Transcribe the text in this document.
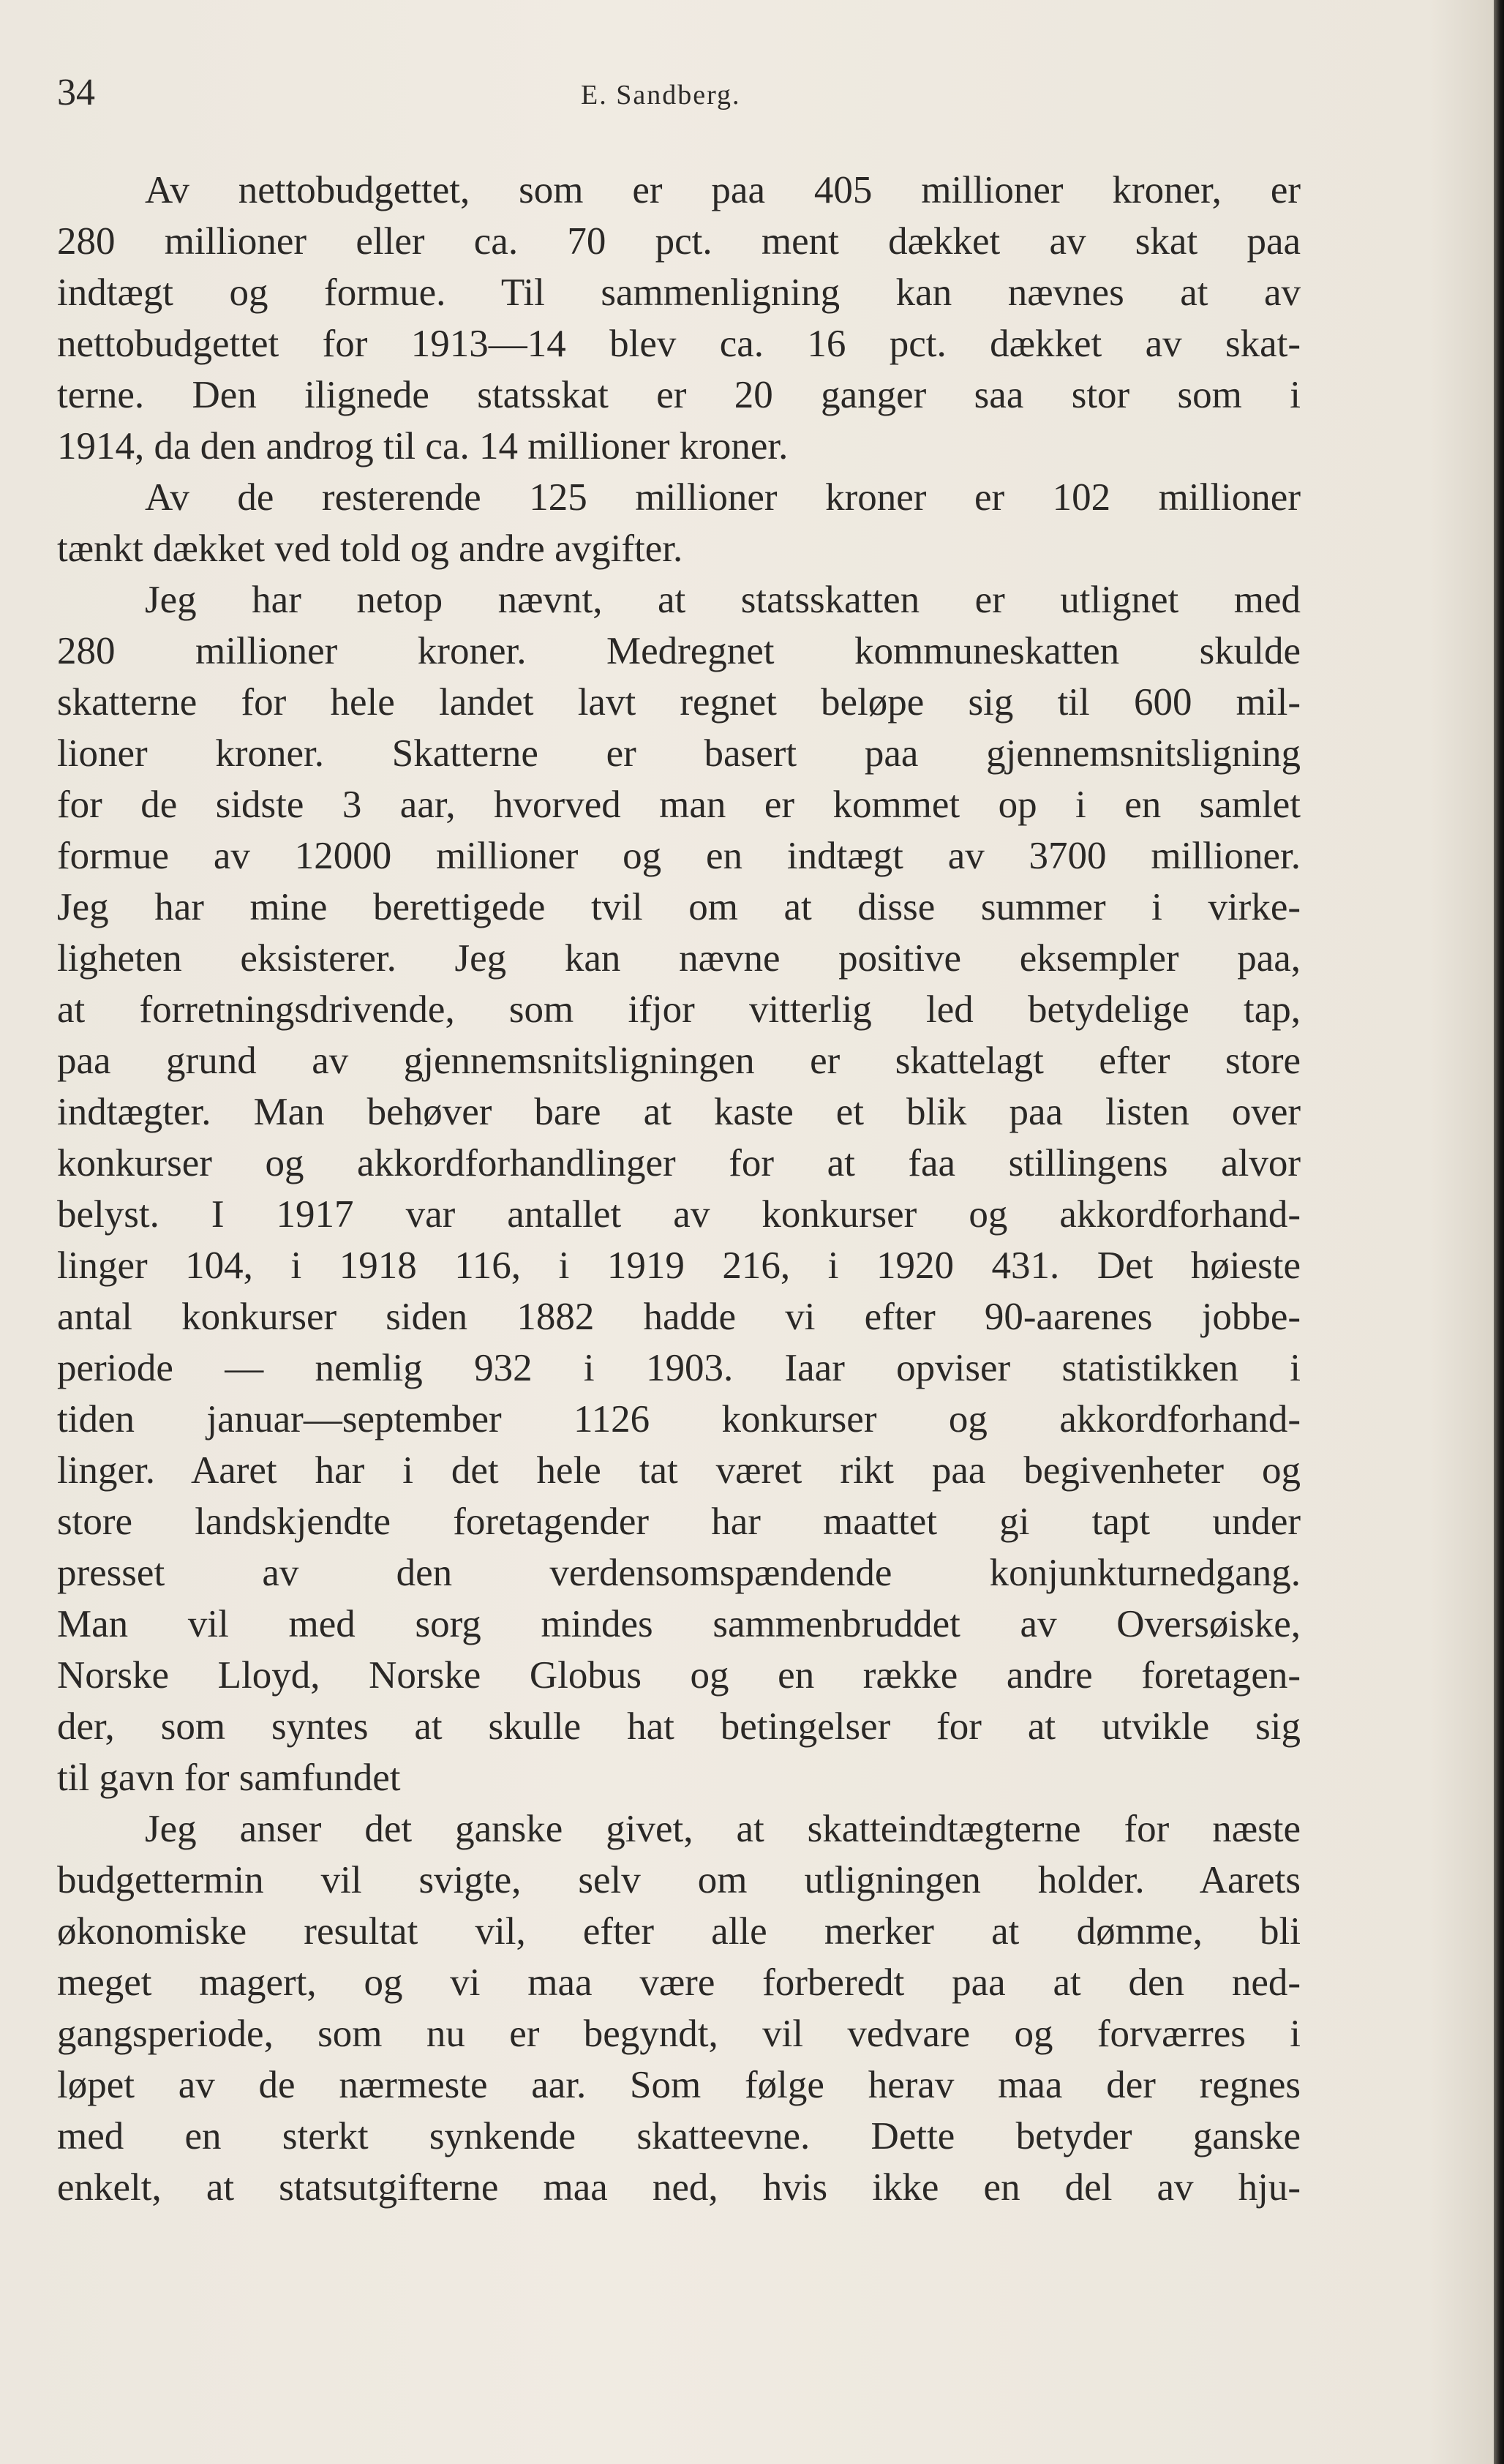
34	E. Sandberg.
Av nettobudgettet, som er paa 405 millioner kroner, er
280 millioner eller ca. 70 pct. ment dækket av skat paa
indtægt og formue. Til sammenligning kan nævnes at av
nettobudgettet for 1913—14 blev ca. 16 pct. dækket av skat-
terne. Den ilignede statsskat er 20 ganger saa stor som i
1914, da den androg til ca. 14 millioner kroner.
Av de resterende 125 millioner kroner er 102 millioner
tænkt dækket ved told og andre avgifter.
Jeg har netop nævnt, at statsskatten er utlignet med
280 millioner kroner. Medregnet kommuneskatten skulde
skatterne for hele landet lavt regnet beløpe sig til 600 mil-
lioner kroner. Skatterne er basert paa gjennemsnitsligning
for de sidste 3 aar, hvorved man er kommet op i en samlet
formue av 12000 millioner og en indtægt av 3700 millioner.
Jeg har mine berettigede tvil om at disse summer i virke-
ligheten eksisterer. Jeg kan nævne positive eksempler paa,
at forretningsdrivende, som ifjor vitterlig led betydelige tap,
paa grund av gjennemsnitsligningen er skattelagt efter store
indtægter. Man behøver bare at kaste et blik paa listen over
konkurser og akkordforhandlinger for at faa stillingens alvor
belyst. I 1917 var antallet av konkurser og akkordforhand-
linger 104, i 1918 116, i 1919 216, i 1920 431. Det høieste
antal konkurser siden 1882 hadde vi efter 90-aarenes jobbe-
periode — nemlig 932 i 1903. Iaar opviser statistikken i
tiden januar—september 1126 konkurser og akkordforhand-
linger. Aaret har i det hele tat været rikt paa begivenheter og
store landskjendte foretagender har maattet gi tapt under
presset av den verdensomspændende konjunkturnedgang.
Man vil med sorg mindes sammenbruddet av Oversøiske,
Norske Lloyd, Norske Globus og en række andre foretagen-
der, som syntes at skulle hat betingelser for at utvikle sig
til gavn for samfundet
Jeg anser det ganske givet, at skatteindtægterne for næste
budgettermin vil svigte, selv om utligningen holder. Aarets
økonomiske resultat vil, efter alle merker at dømme, bli
meget magert, og vi maa være forberedt paa at den ned-
gangsperiode, som nu er begyndt, vil vedvare og forværres i
løpet av de nærmeste aar. Som følge herav maa der regnes
med en sterkt synkende skatteevne. Dette betyder ganske
enkelt, at statsutgifterne maa ned, hvis ikke en del av hju-
